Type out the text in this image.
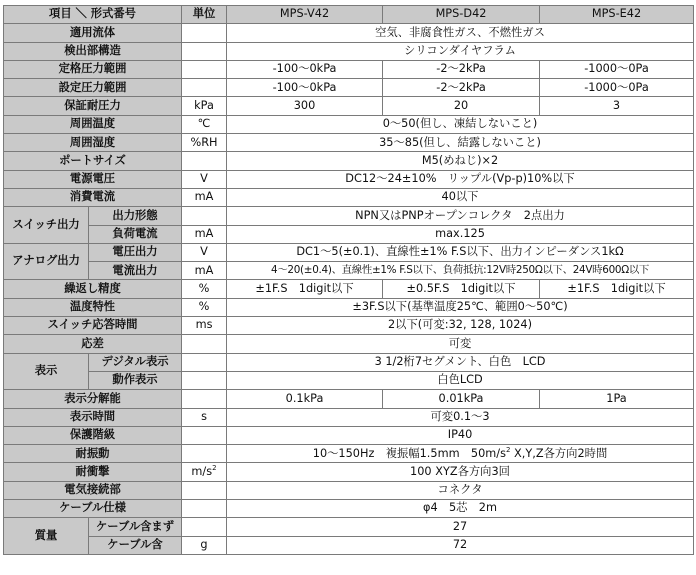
項目 ＼ 形式番号		単位	MPS-V42	MPS-D42	MPS-E42
適用流体			空気、非腐食性ガス、不燃性ガス		
検出部構造			シリコンダイヤフラム		
定格圧力範囲			-100〜0kPa	-2〜2kPa	-1000〜0Pa
設定圧力範囲			-100〜0kPa	-2〜2kPa	-1000〜0Pa
保証耐圧力		kPa	300	20	3
周囲温度		℃	0〜50(但し、凍結しないこと)		
周囲湿度		%RH	35〜85(但し、結露しないこと)		
ポートサイズ			M5(めねじ)×2		
電源電圧		V	DC12〜24±10%　リップル(Vp-p)10%以下		
消費電流		mA	40以下		
スイッチ出力	出力形態		NPN又はPNPオープンコレクタ　2点出力		
	負荷電流	mA	max.125		
アナログ出力	電圧出力	V	DC1〜5(±0.1)、直線性±1% F.S以下、出力インピーダンス1kΩ		
	電流出力	mA	4〜20(±0.4)、直線性±1% F.S以下、負荷抵抗:12V時250Ω以下、24V時600Ω以下		
繰返し精度		%	±1F.S　1digit以下	±0.5F.S　1digit以下	±1F.S　1digit以下
温度特性		%	±3F.S以下(基準温度25℃、範囲0〜50℃)		
スイッチ応答時間		ms	2以下(可変:32, 128, 1024)		
応差			可変		
表示	デジタル表示		3 1/2桁7セグメント、白色　LCD		
	動作表示		白色LCD		
表示分解能			0.1kPa	0.01kPa	1Pa
表示時間		s	可変0.1〜3		
保護階級			IP40		
耐振動			10〜150Hz　複振幅1.5mm　$50m/s^2$ X,Y,Z各方向2時間		
耐衝撃		$m/s^2$	100 XYZ各方向3回		
電気接続部			コネクタ		
ケーブル仕様			φ4　5芯　2m		
質量	ケーブル含まず		27		
	ケーブル含	g	72		
